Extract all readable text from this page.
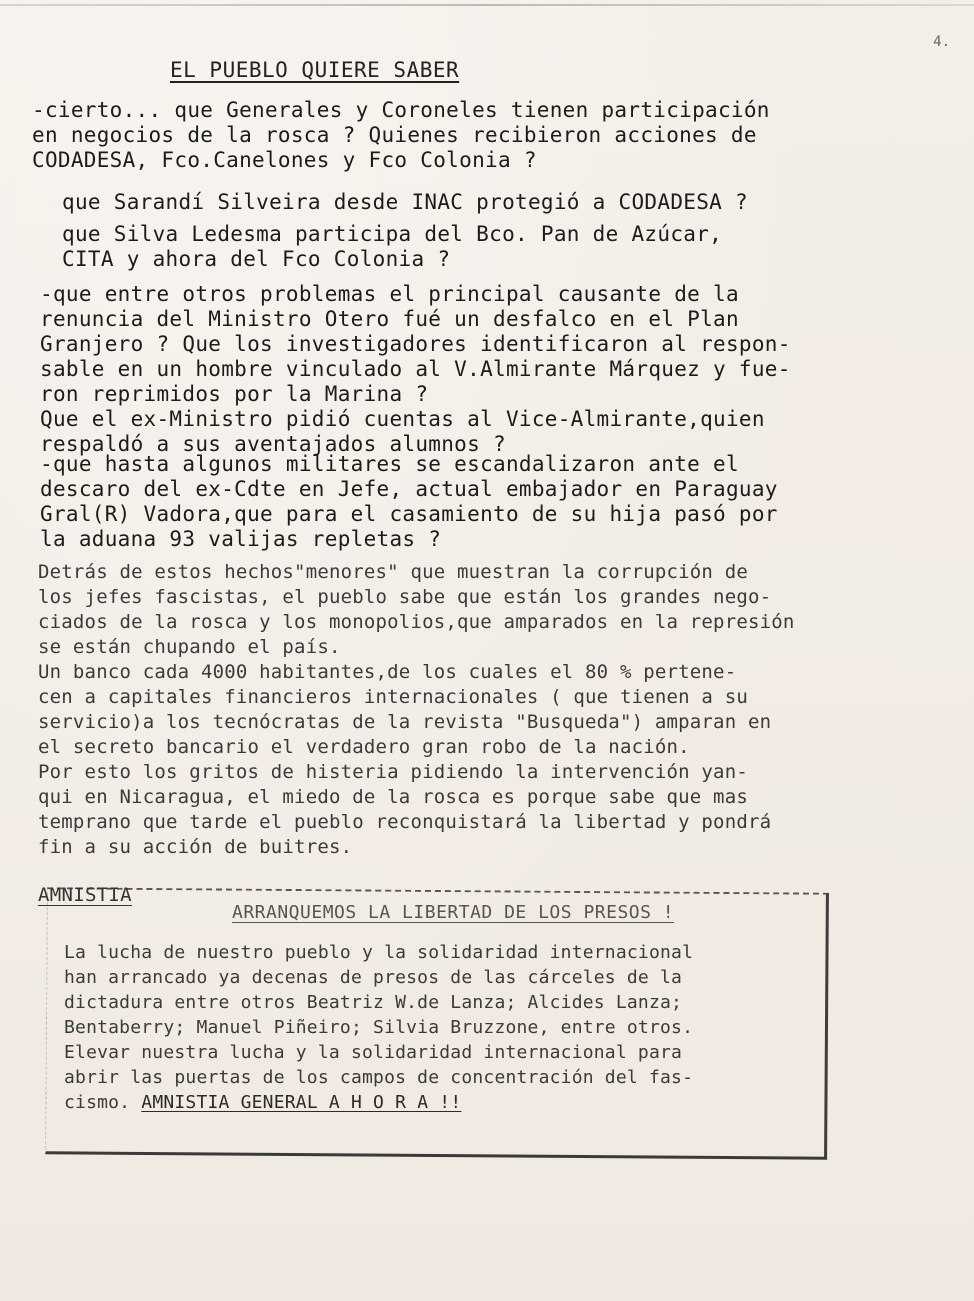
4.
EL PUEBLO QUIERE SABER

-cierto... que Generales y Coroneles tienen participación
en negocios de la rosca ? Quienes recibieron acciones de
CODADESA, Fco.Canelones y Fco Colonia ?

que Sarandí Silveira desde INAC protegió a CODADESA ?

que Silva Ledesma participa del Bco. Pan de Azúcar,
CITA y ahora del Fco Colonia ?

-que entre otros problemas el principal causante de la
renuncia del Ministro Otero fué un desfalco en el Plan
Granjero ? Que los investigadores identificaron al respon-
sable en un hombre vinculado al V.Almirante Márquez y fue-
ron reprimidos por la Marina ?
Que el ex-Ministro pidió cuentas al Vice-Almirante,quien
respaldó a sus aventajados alumnos ?

-que hasta algunos militares se escandalizaron ante el
descaro del ex-Cdte en Jefe, actual embajador en Paraguay
Gral(R) Vadora,que para el casamiento de su hija pasó por
la aduana 93 valijas repletas ?

Detrás de estos hechos"menores" que muestran la corrupción de
los jefes fascistas, el pueblo sabe que están los grandes nego-
ciados de la rosca y los monopolios,que amparados en la represión
se están chupando el país.
Un banco cada 4000 habitantes,de los cuales el 80 % pertene-
cen a capitales financieros internacionales ( que tienen a su
servicio)a los tecnócratas de la revista "Busqueda") amparan en
el secreto bancario el verdadero gran robo de la nación.
Por esto los gritos de histeria pidiendo la intervención yan-
qui en Nicaragua, el miedo de la rosca es porque sabe que mas
temprano que tarde el pueblo reconquistará la libertad y pondrá
fin a su acción de buitres.

AMNISTIA
ARRANQUEMOS LA LIBERTAD DE LOS PRESOS !

La lucha de nuestro pueblo y la solidaridad internacional
han arrancado ya decenas de presos de las cárceles de la
dictadura entre otros Beatriz W.de Lanza; Alcides Lanza;
Bentaberry; Manuel Piñeiro; Silvia Bruzzone, entre otros.
Elevar nuestra lucha y la solidaridad internacional para
abrir las puertas de los campos de concentración del fas-
cismo. AMNISTIA GENERAL A H O R A !!
